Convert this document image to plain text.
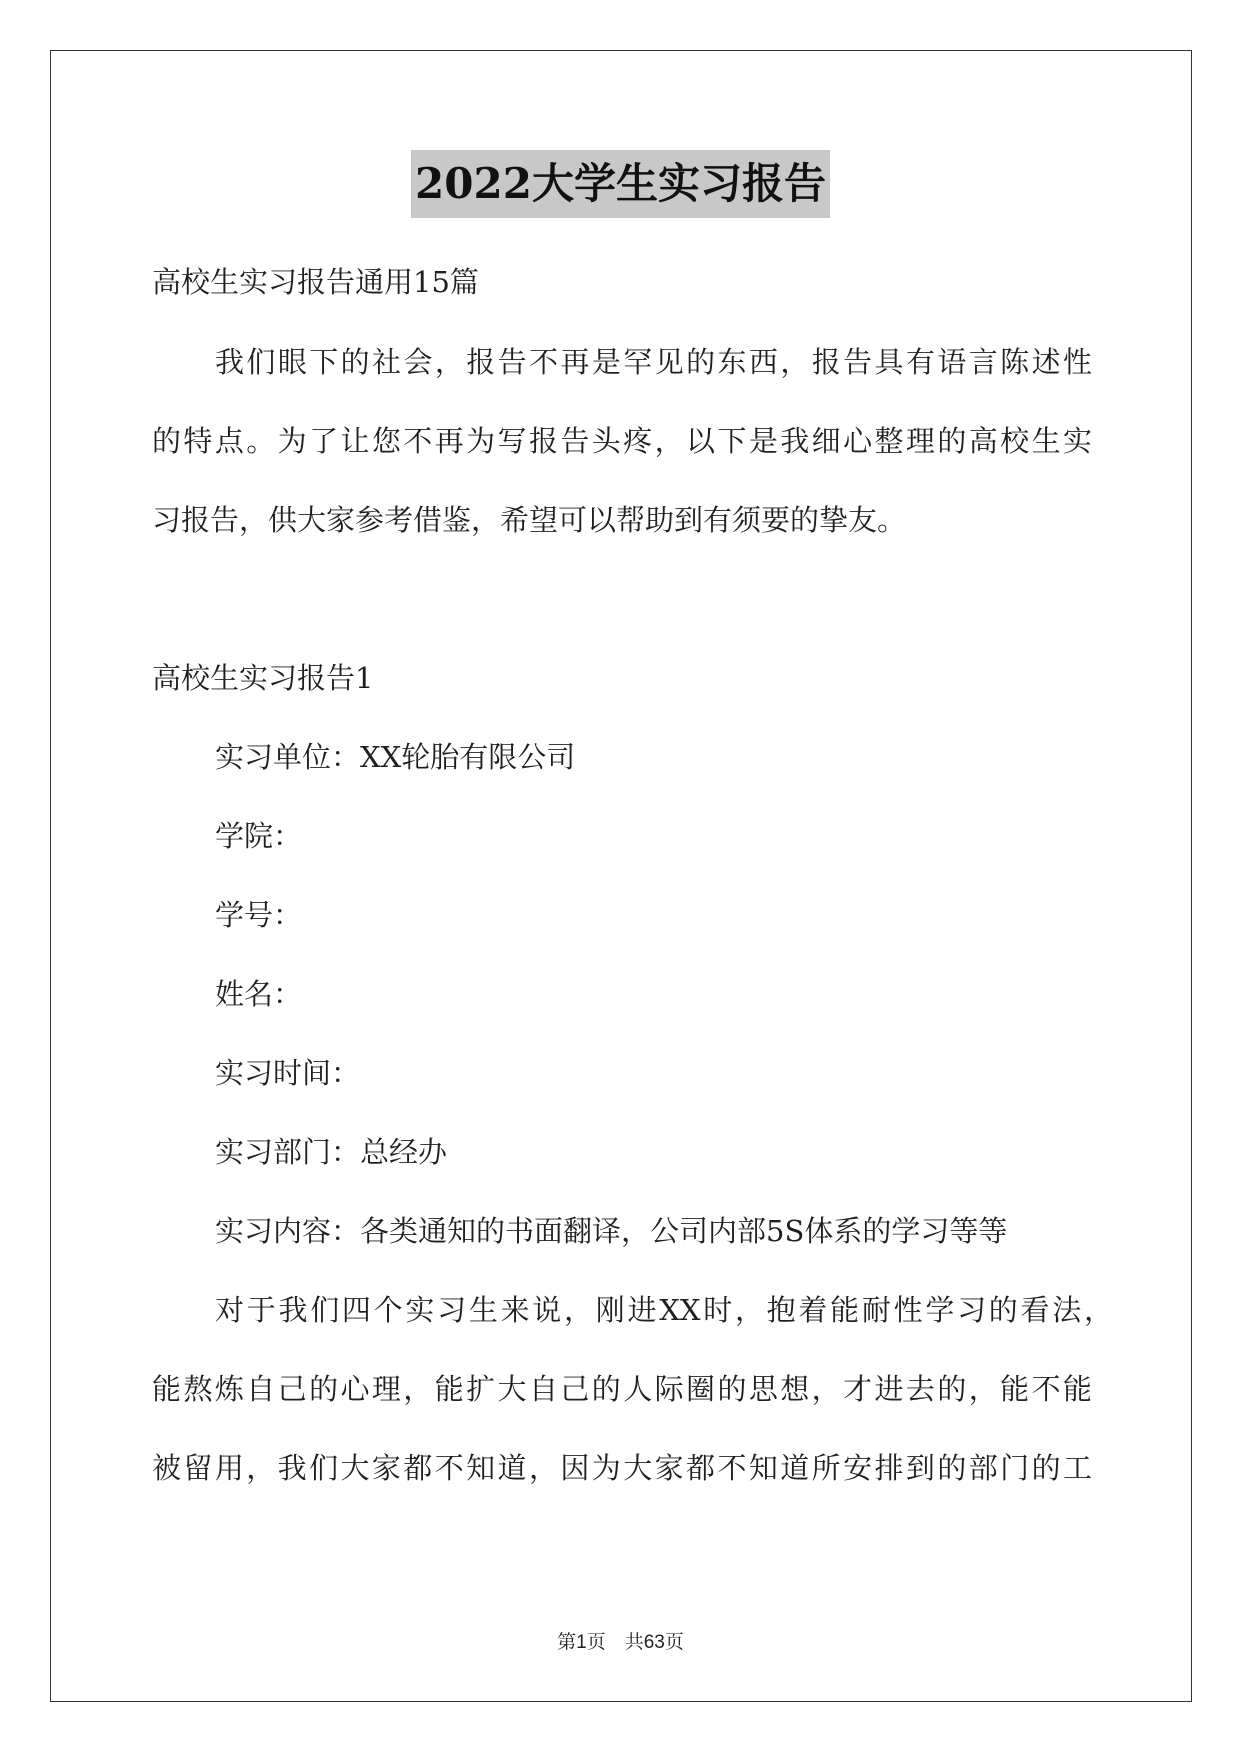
2022大学生实习报告
高校生实习报告通用15篇
我们眼下的社会，报告不再是罕见的东西，报告具有语言陈述性
的特点。为了让您不再为写报告头疼，以下是我细心整理的高校生实
习报告，供大家参考借鉴，希望可以帮助到有须要的挚友。
高校生实习报告1
实习单位：XX轮胎有限公司
学院：
学号：
姓名：
实习时间：
实习部门：总经办
实习内容：各类通知的书面翻译，公司内部5S体系的学习等等
对于我们四个实习生来说，刚进XX时，抱着能耐性学习的看法，
能熬炼自己的心理，能扩大自己的人际圈的思想，才进去的，能不能
被留用，我们大家都不知道，因为大家都不知道所安排到的部门的工
第1页　共63页
